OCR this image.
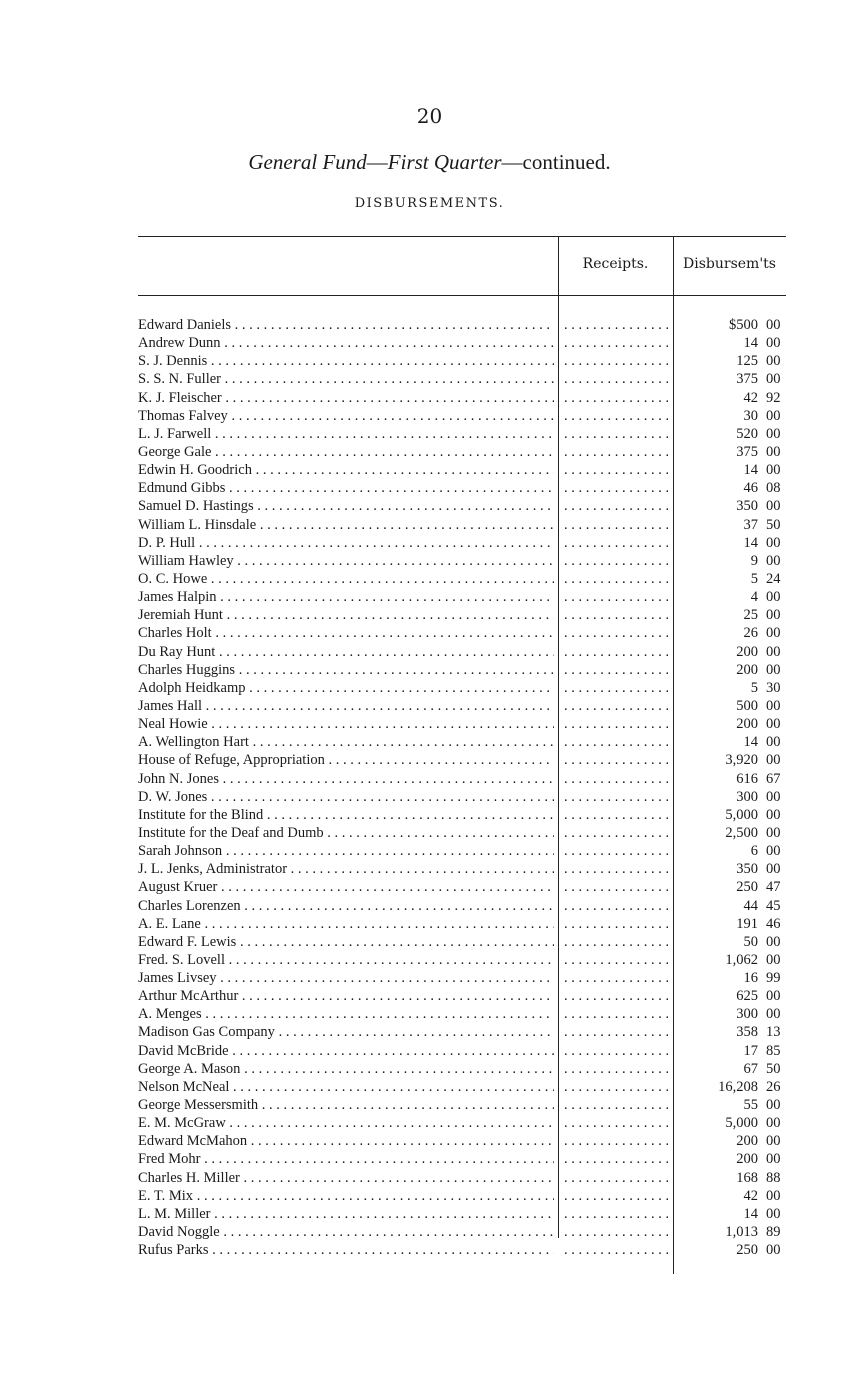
20
General Fund—First Quarter—continued.
DISBURSEMENTS.
Receipts.	Disbursem'ts
Edward Daniels . . . . . .	$500 00
Andrew Dunn . . . . . .	14 00
S. J. Dennis . . . . . .	125 00
S. S. N. Fuller . . . . . .	375 00
K. J. Fleischer . . . . . .	42 92
Thomas Falvey . . . . . .	30 00
L. J. Farwell . . . . . .	520 00
George Gale . . . . . .	375 00
Edwin H. Goodrich . . . . . .	14 00
Edmund Gibbs . . . . . .	46 08
Samuel D. Hastings . . . . . .	350 00
William L. Hinsdale . . . . . .	37 50
D. P. Hull . . . . . .	14 00
William Hawley . . . . . .	9 00
O. C. Howe . . . . . .	5 24
James Halpin . . . . . .	4 00
Jeremiah Hunt . . . . . .	25 00
Charles Holt . . . . . .	26 00
Du Ray Hunt . . . . . .	200 00
Charles Huggins . . . . . .	200 00
Adolph Heidkamp . . . . . .	5 30
James Hall . . . . . .	500 00
Neal Howie . . . . . .	200 00
A. Wellington Hart . . . . . .	14 00
House of Refuge, Appropriation . . . . . .	3,920 00
John N. Jones . . . . . .	616 67
D. W. Jones . . . . . .	300 00
Institute for the Blind . . . . . .	5,000 00
Institute for the Deaf and Dumb . . . . . .	2,500 00
Sarah Johnson . . . . . .	6 00
J. L. Jenks, Administrator . . . . . .	350 00
August Kruer . . . . . .	250 47
Charles Lorenzen . . . . . .	44 45
A. E. Lane . . . . . .	191 46
Edward F. Lewis . . . . . .	50 00
Fred. S. Lovell . . . . . .	1,062 00
James Livsey . . . . . .	16 99
Arthur McArthur . . . . . .	625 00
A. Menges . . . . . .	300 00
Madison Gas Company . . . . . .	358 13
David McBride . . . . . .	17 85
George A. Mason . . . . . .	67 50
Nelson McNeal . . . . . .	16,208 26
George Messersmith . . . . . .	55 00
E. M. McGraw . . . . . .	5,000 00
Edward McMahon . . . . . .	200 00
Fred Mohr . . . . . .	200 00
Charles H. Miller . . . . . .	168 88
E. T. Mix . . . . . .	42 00
L. M. Miller . . . . . .	14 00
David Noggle . . . . . .	1,013 89
Rufus Parks . . . . . .	250 00
